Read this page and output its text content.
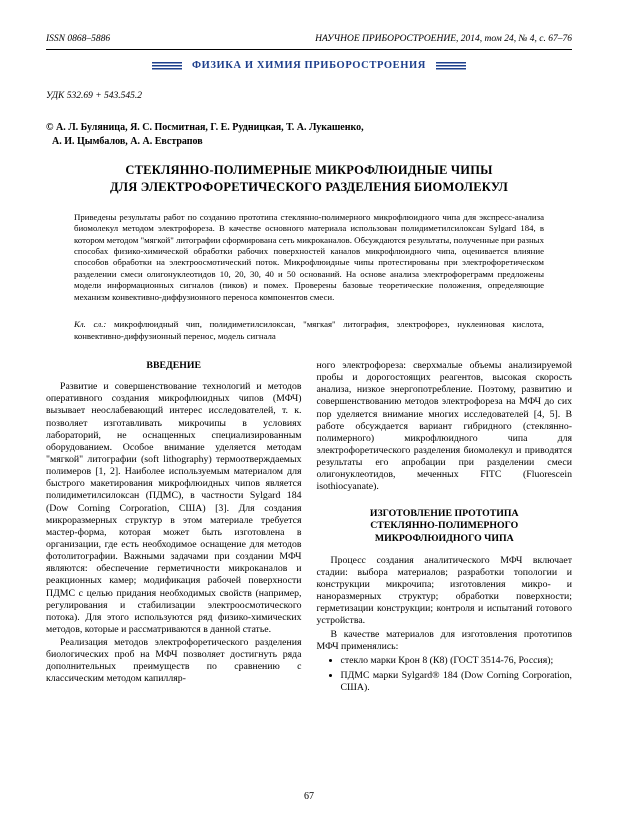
ISSN 0868–5886	НАУЧНОЕ ПРИБОРОСТРОЕНИЕ, 2014, том 24, № 4, c. 67–76
ФИЗИКА И ХИМИЯ ПРИБОРОСТРОЕНИЯ
УДК 532.69 + 543.545.2
© А. Л. Буляница, Я. С. Посмитная, Г. Е. Рудницкая, Т. А. Лукашенко,
А. И. Цымбалов, А. А. Евстрапов
СТЕКЛЯННО-ПОЛИМЕРНЫЕ МИКРОФЛЮИДНЫЕ ЧИПЫ
ДЛЯ ЭЛЕКТРОФОРЕТИЧЕСКОГО РАЗДЕЛЕНИЯ БИОМОЛЕКУЛ
Приведены результаты работ по созданию прототипа стеклянно-полимерного микрофлюидного чипа для экспресс-анализа биомолекул методом электрофореза. В качестве основного материала использован полидиметилсилоксан Sylgard 184, в котором методом "мягкой" литографии сформирована сеть микроканалов. Обсуждаются результаты, полученные при разных способах физико-химической обработки рабочих поверхностей каналов микрофлюидного чипа, оценивается влияние способов обработки на электроосмотический поток. Микрофлюидные чипы протестированы при электрофоретическом разделении смеси олигонуклеотидов 10, 20, 30, 40 и 50 оснований. На основе анализа электрофореграмм предложены модели информационных сигналов (пиков) и помех. Проверены базовые теоретические положения, определяющие механизм конвективно-диффузионного переноса компонентов смеси.
Кл. сл.: микрофлюидный чип, полидиметилсилоксан, "мягкая" литография, электрофорез, нуклеиновая кислота, конвективно-диффузионный перенос, модель сигнала
ВВЕДЕНИЕ

Развитие и совершенствование технологий и методов оперативного создания микрофлюидных чипов (МФЧ) вызывает неослабевающий интерес исследователей, т. к. позволяет изготавливать микрочипы в условиях лабораторий, не оснащенных специализированным оборудованием. Особое внимание уделяется методам "мягкой" литографии (soft lithography) термоотверждаемых полимеров [1, 2]. Наиболее используемым материалом для быстрого макетирования микрофлюидных чипов является полидиметилсилоксан (ПДМС), в частности Sylgard 184 (Dow Corning Corporation, США) [3]. Для создания микроразмерных структур в этом материале требуется мастер-форма, которая может быть изготовлена в организации, где есть необходимое оснащение для методов фотолитографии. Важными задачами при создании МФЧ являются: обеспечение герметичности микроканалов и реакционных камер; модификация рабочей поверхности ПДМС с целью придания необходимых свойств (например, регулирования и стабилизации электроосмотического потока). Для этого используются ряд физико-химических методов, которые и рассматриваются в данной статье.

Реализация методов электрофоретического разделения биологических проб на МФЧ позволяет достигнуть ряда дополнительных преимуществ по сравнению с классическим методом капилляр-

ного электрофореза: сверхмалые объемы анализируемой пробы и дорогостоящих реагентов, высокая скорость анализа, низкое энергопотребление. Поэтому, развитию и совершенствованию методов электрофореза на МФЧ до сих пор уделяется внимание многих исследователей [4, 5]. В работе обсуждается вариант гибридного (стеклянно-полимерного) микрофлюидного чипа для электрофоретического разделения биомолекул и приводятся результаты его апробации при разделении смеси олигонуклеотидов, меченных FITC (Fluorescein isothiocyanate).

ИЗГОТОВЛЕНИЕ ПРОТОТИПА
СТЕКЛЯННО-ПОЛИМЕРНОГО
МИКРОФЛЮИДНОГО ЧИПА

Процесс создания аналитического МФЧ включает стадии: выбора материалов; разработки топологии и конструкции микрочипа; изготовления микро- и наноразмерных структур; обработки поверхности; герметизации конструкции; контроля и испытаний готового устройства.

В качестве материалов для изготовления прототипов МФЧ применялись:

• стекло марки Крон 8 (К8) (ГОСТ 3514-76, Россия);
• ПДМС марки Sylgard® 184 (Dow Corning Corporation, США).
67
